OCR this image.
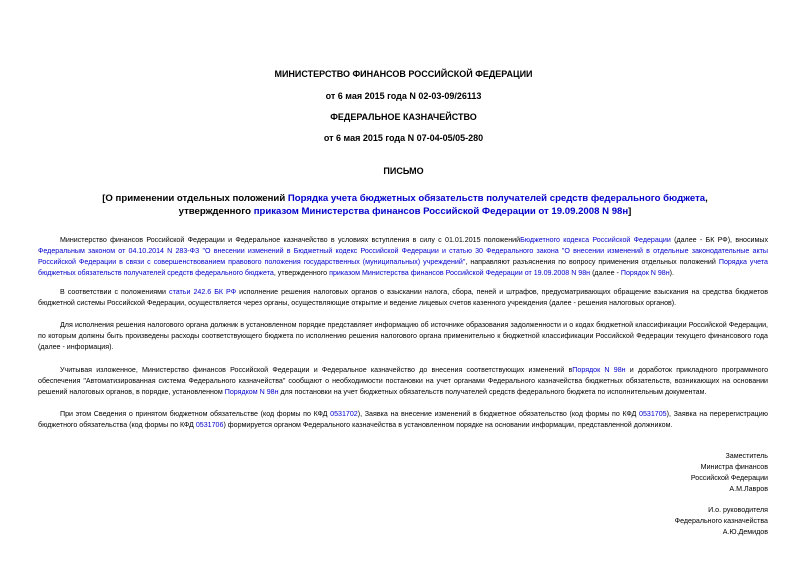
МИНИСТЕРСТВО ФИНАНСОВ РОССИЙСКОЙ ФЕДЕРАЦИИ
от 6 мая 2015 года N 02-03-09/26113
ФЕДЕРАЛЬНОЕ КАЗНАЧЕЙСТВО
от 6 мая 2015 года N 07-04-05/05-280
ПИСЬМО
[О применении отдельных положений Порядка учета бюджетных обязательств получателей средств федерального бюджета, утвержденного приказом Министерства финансов Российской Федерации от 19.09.2008 N 98н]

Министерство финансов Российской Федерации и Федеральное казначейство в условиях вступления в силу с 01.01.2015 положенийБюджетного кодекса Российской Федерации (далее - БК РФ), вносимых Федеральным законом от 04.10.2014 N 283-ФЗ "О внесении изменений в Бюджетный кодекс Российской Федерации и статью 30 Федерального закона "О внесении изменений в отдельные законодательные акты Российской Федерации в связи с совершенствованием правового положения государственных (муниципальных) учреждений", направляют разъяснения по вопросу применения отдельных положений Порядка учета бюджетных обязательств получателей средств федерального бюджета, утвержденного приказом Министерства финансов Российской Федерации от 19.09.2008 N 98н (далее - Порядок N 98н).

В соответствии с положениями статьи 242.6 БК РФ исполнение решения налоговых органов о взыскании налога, сбора, пеней и штрафов, предусматривающих обращение взыскания на средства бюджетов бюджетной системы Российской Федерации, осуществляется через органы, осуществляющие открытие и ведение лицевых счетов казенного учреждения (далее - решения налоговых органов).

Для исполнения решения налогового органа должник в установленном порядке представляет информацию об источнике образования задолженности и о кодах бюджетной классификации Российской Федерации, по которым должны быть произведены расходы соответствующего бюджета по исполнению решения налогового органа применительно к бюджетной классификации Российской Федерации текущего финансового года (далее - информация).

Учитывая изложенное, Министерство финансов Российской Федерации и Федеральное казначейство до внесения соответствующих изменений вПорядок N 98н и доработок прикладного программного обеспечения "Автоматизированная система Федерального казначейства" сообщают о необходимости постановки на учет органами Федерального казначейства бюджетных обязательств, возникающих на основании решений налоговых органов, в порядке, установленном Порядком N 98н для постановки на учет бюджетных обязательств получателей средств федерального бюджета по исполнительным документам.

При этом Сведения о принятом бюджетном обязательстве (код формы по КФД 0531702), Заявка на внесение изменений в бюджетное обязательство (код формы по КФД 0531705), Заявка на перерегистрацию бюджетного обязательства (код формы по КФД 0531706) формируется органом Федерального казначейства в установленном порядке на основании информации, представленной должником.

Заместитель
Министра финансов
Российской Федерации
А.М.Лавров
И.о. руководителя
Федерального казначейства
А.Ю.Демидов
